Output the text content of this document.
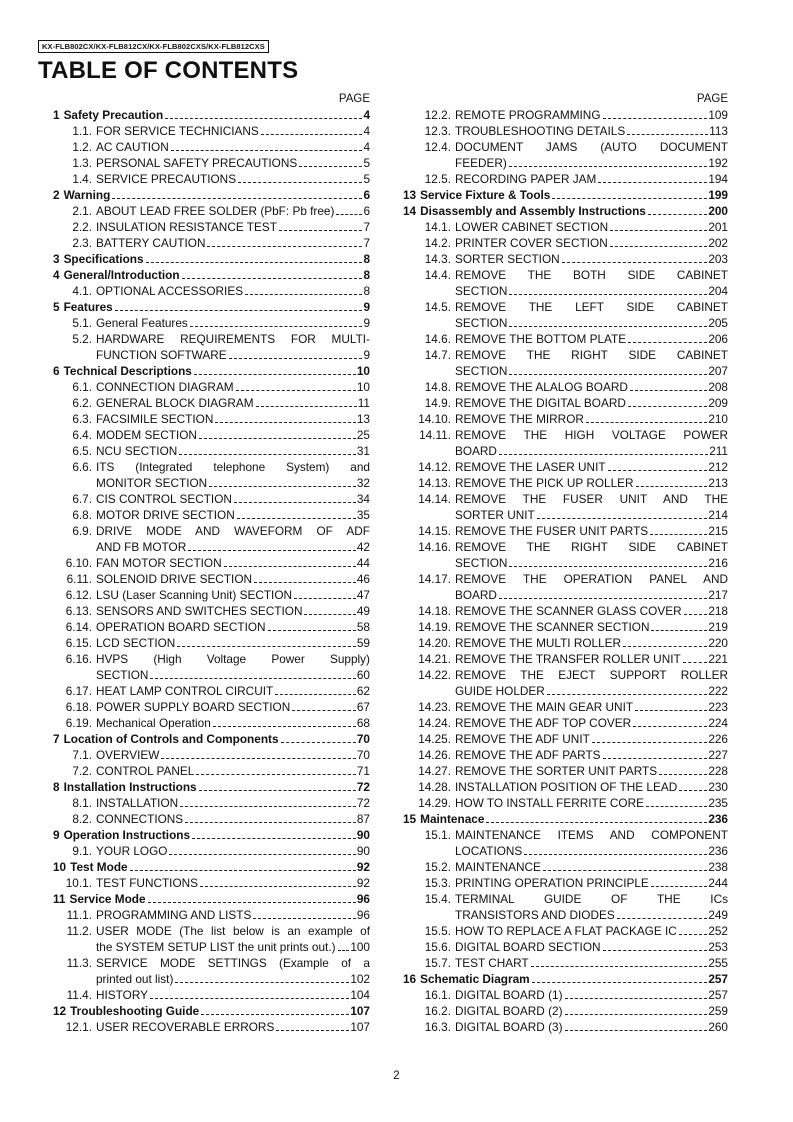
KX-FLB802CX/KX-FLB812CX/KX-FLB802CXS/KX-FLB812CXS
TABLE OF CONTENTS
PAGE
1 Safety Precaution	4
1.1. FOR SERVICE TECHNICIANS	4
1.2. AC CAUTION	4
1.3. PERSONAL SAFETY PRECAUTIONS	5
1.4. SERVICE PRECAUTIONS	5
2 Warning	6
2.1. ABOUT LEAD FREE SOLDER (PbF: Pb free) 6
2.2. INSULATION RESISTANCE TEST	7
2.3. BATTERY CAUTION	7
3 Specifications	8
4 General/Introduction	8
4.1. OPTIONAL ACCESSORIES	8
5 Features	9
5.1. General Features	9
5.2. HARDWARE REQUIREMENTS FOR MULTI-
FUNCTION SOFTWARE	9
6 Technical Descriptions	10
6.1. CONNECTION DIAGRAM	10
6.2. GENERAL BLOCK DIAGRAM	11
6.3. FACSIMILE SECTION	13
6.4. MODEM SECTION	25
6.5. NCU SECTION	31
6.6. ITS (Integrated telephone System) and
MONITOR SECTION	32
6.7. CIS CONTROL SECTION	34
6.8. MOTOR DRIVE SECTION	35
6.9. DRIVE MODE AND WAVEFORM OF ADF
AND FB MOTOR	42
6.10. FAN MOTOR SECTION	44
6.11. SOLENOID DRIVE SECTION	46
6.12. LSU (Laser Scanning Unit) SECTION	47
6.13. SENSORS AND SWITCHES SECTION	49
6.14. OPERATION BOARD SECTION	58
6.15. LCD SECTION	59
6.16. HVPS (High Voltage Power Supply)
SECTION	60
6.17. HEAT LAMP CONTROL CIRCUIT	62
6.18. POWER SUPPLY BOARD SECTION	67
6.19. Mechanical Operation	68
7 Location of Controls and Components	70
7.1. OVERVIEW	70
7.2. CONTROL PANEL	71
8 Installation Instructions	72
8.1. INSTALLATION	72
8.2. CONNECTIONS	87
9 Operation Instructions	90
9.1. YOUR LOGO	90
10 Test Mode	92
10.1. TEST FUNCTIONS	92
11 Service Mode	96
11.1. PROGRAMMING AND LISTS	96
11.2. USER MODE (The list below is an example of
the SYSTEM SETUP LIST the unit prints out.) 100
11.3. SERVICE MODE SETTINGS (Example of a
printed out list)	102
11.4. HISTORY	104
12 Troubleshooting Guide	107
12.1. USER RECOVERABLE ERRORS	107
PAGE
12.2. REMOTE PROGRAMMING	109
12.3. TROUBLESHOOTING DETAILS	113
12.4. DOCUMENT JAMS (AUTO DOCUMENT
FEEDER)	192
12.5. RECORDING PAPER JAM	194
13 Service Fixture & Tools	199
14 Disassembly and Assembly Instructions	200
14.1. LOWER CABINET SECTION	201
14.2. PRINTER COVER SECTION	202
14.3. SORTER SECTION	203
14.4. REMOVE THE BOTH SIDE CABINET
SECTION	204
14.5. REMOVE THE LEFT SIDE CABINET
SECTION	205
14.6. REMOVE THE BOTTOM PLATE	206
14.7. REMOVE THE RIGHT SIDE CABINET
SECTION	207
14.8. REMOVE THE ALALOG BOARD	208
14.9. REMOVE THE DIGITAL BOARD	209
14.10. REMOVE THE MIRROR	210
14.11. REMOVE THE HIGH VOLTAGE POWER
BOARD	211
14.12. REMOVE THE LASER UNIT	212
14.13. REMOVE THE PICK UP ROLLER	213
14.14. REMOVE THE FUSER UNIT AND THE
SORTER UNIT	214
14.15. REMOVE THE FUSER UNIT PARTS	215
14.16. REMOVE THE RIGHT SIDE CABINET
SECTION	216
14.17. REMOVE THE OPERATION PANEL AND
BOARD	217
14.18. REMOVE THE SCANNER GLASS COVER 218
14.19. REMOVE THE SCANNER SECTION	219
14.20. REMOVE THE MULTI ROLLER	220
14.21. REMOVE THE TRANSFER ROLLER UNIT 221
14.22. REMOVE THE EJECT SUPPORT ROLLER
GUIDE HOLDER	222
14.23. REMOVE THE MAIN GEAR UNIT	223
14.24. REMOVE THE ADF TOP COVER	224
14.25. REMOVE THE ADF UNIT	226
14.26. REMOVE THE ADF PARTS	227
14.27. REMOVE THE SORTER UNIT PARTS	228
14.28. INSTALLATION POSITION OF THE LEAD	230
14.29. HOW TO INSTALL FERRITE CORE	235
15 Maintenace	236
15.1. MAINTENANCE ITEMS AND COMPONENT
LOCATIONS	236
15.2. MAINTENANCE	238
15.3. PRINTING OPERATION PRINCIPLE	244
15.4. TERMINAL GUIDE OF THE ICs
TRANSISTORS AND DIODES	249
15.5. HOW TO REPLACE A FLAT PACKAGE IC	252
15.6. DIGITAL BOARD SECTION	253
15.7. TEST CHART	255
16 Schematic Diagram	257
16.1. DIGITAL BOARD (1)	257
16.2. DIGITAL BOARD (2)	259
16.3. DIGITAL BOARD (3)	260
2
